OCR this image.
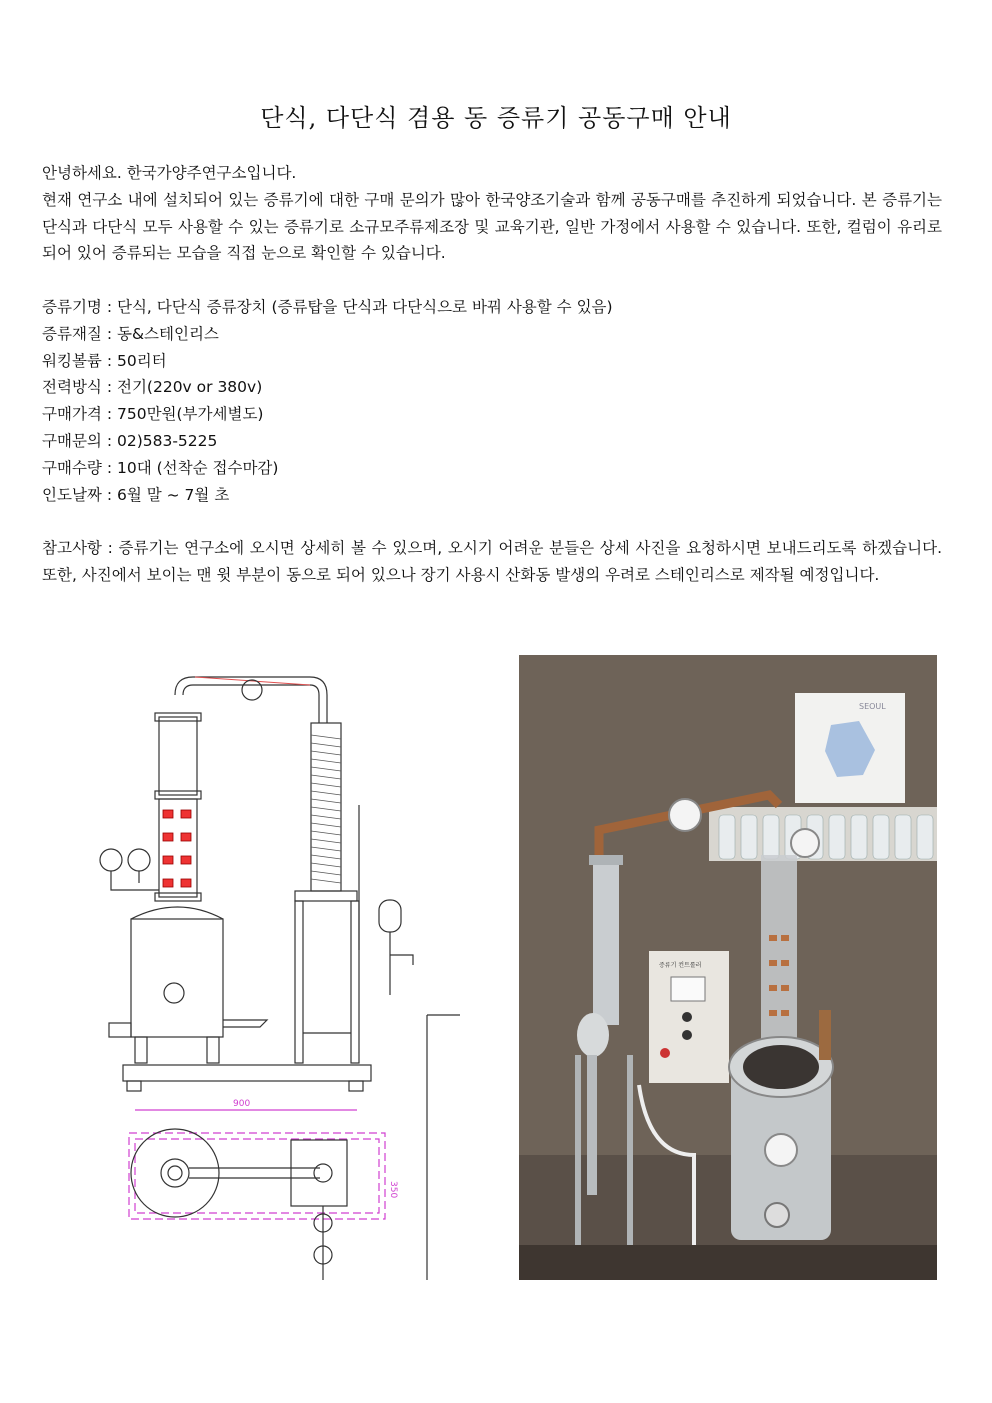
단식, 다단식 겸용 동 증류기 공동구매 안내

안녕하세요. 한국가양주연구소입니다.

현재 연구소 내에 설치되어 있는 증류기에 대한 구매 문의가 많아 한국양조기술과 함께 공동구매를 추진하게 되었습니다. 본 증류기는 단식과 다단식 모두 사용할 수 있는 증류기로 소규모주류제조장 및 교육기관, 일반 가정에서 사용할 수 있습니다. 또한, 컬럼이 유리로 되어 있어 증류되는 모습을 직접 눈으로 확인할 수 있습니다.

증류기명 : 단식, 다단식 증류장치 (증류탑을 단식과 다단식으로 바꿔 사용할 수 있음)
증류재질 : 동&스테인리스
워킹볼륨 : 50리터
전력방식 : 전기(220v or 380v)
구매가격 : 750만원(부가세별도)
구매문의 : 02)583-5225
구매수량 : 10대 (선착순 접수마감)
인도날짜 : 6월 말 ~ 7월 초

참고사항 : 증류기는 연구소에 오시면 상세히 볼 수 있으며, 오시기 어려운 분들은 상세 사진을 요청하시면 보내드리도록 하겠습니다. 또한, 사진에서 보이는 맨 윗 부분이 동으로 되어 있으나 장기 사용시 산화동 발생의 우려로 스테인리스로 제작될 예정입니다.

900
350
SEOUL
증류기 컨트롤러
